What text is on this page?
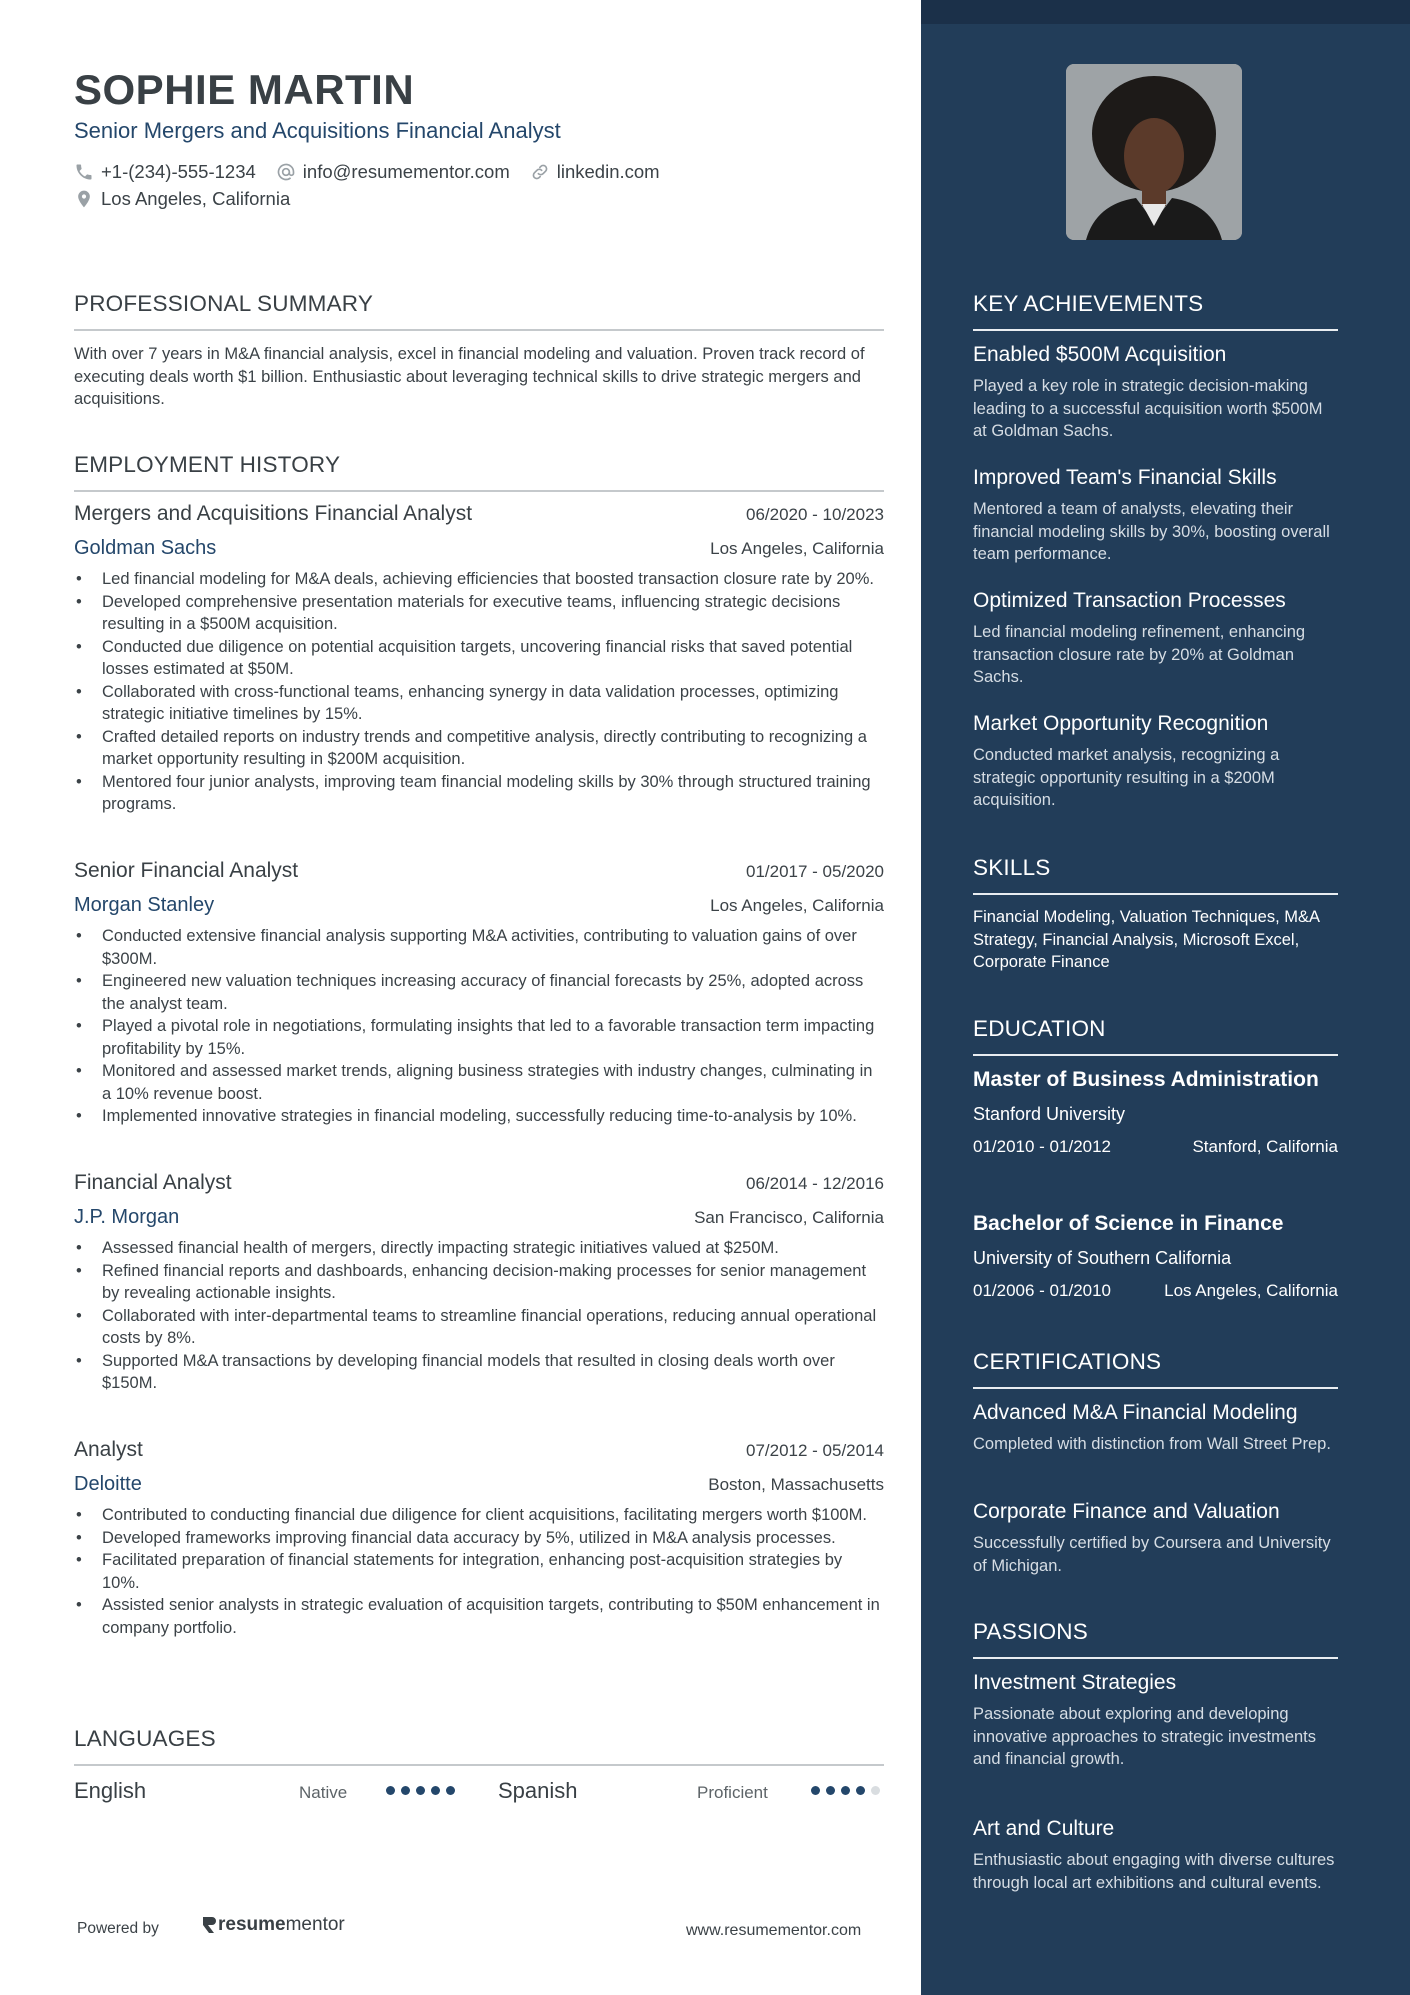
SOPHIE MARTIN
Senior Mergers and Acquisitions Financial Analyst
+1-(234)-555-1234	info@resumementor.com	linkedin.com
Los Angeles, California
PROFESSIONAL SUMMARY
With over 7 years in M&A financial analysis, excel in financial modeling and valuation. Proven track record of executing deals worth $1 billion. Enthusiastic about leveraging technical skills to drive strategic mergers and acquisitions.
EMPLOYMENT HISTORY
Mergers and Acquisitions Financial Analyst	06/2020 - 10/2023
Goldman Sachs	Los Angeles, California
• Led financial modeling for M&A deals, achieving efficiencies that boosted transaction closure rate by 20%.
• Developed comprehensive presentation materials for executive teams, influencing strategic decisions resulting in a $500M acquisition.
• Conducted due diligence on potential acquisition targets, uncovering financial risks that saved potential losses estimated at $50M.
• Collaborated with cross-functional teams, enhancing synergy in data validation processes, optimizing strategic initiative timelines by 15%.
• Crafted detailed reports on industry trends and competitive analysis, directly contributing to recognizing a market opportunity resulting in $200M acquisition.
• Mentored four junior analysts, improving team financial modeling skills by 30% through structured training programs.
Senior Financial Analyst	01/2017 - 05/2020
Morgan Stanley	Los Angeles, California
• Conducted extensive financial analysis supporting M&A activities, contributing to valuation gains of over $300M.
• Engineered new valuation techniques increasing accuracy of financial forecasts by 25%, adopted across the analyst team.
• Played a pivotal role in negotiations, formulating insights that led to a favorable transaction term impacting profitability by 15%.
• Monitored and assessed market trends, aligning business strategies with industry changes, culminating in a 10% revenue boost.
• Implemented innovative strategies in financial modeling, successfully reducing time-to-analysis by 10%.
Financial Analyst	06/2014 - 12/2016
J.P. Morgan	San Francisco, California
• Assessed financial health of mergers, directly impacting strategic initiatives valued at $250M.
• Refined financial reports and dashboards, enhancing decision-making processes for senior management by revealing actionable insights.
• Collaborated with inter-departmental teams to streamline financial operations, reducing annual operational costs by 8%.
• Supported M&A transactions by developing financial models that resulted in closing deals worth over $150M.
Analyst	07/2012 - 05/2014
Deloitte	Boston, Massachusetts
• Contributed to conducting financial due diligence for client acquisitions, facilitating mergers worth $100M.
• Developed frameworks improving financial data accuracy by 5%, utilized in M&A analysis processes.
• Facilitated preparation of financial statements for integration, enhancing post-acquisition strategies by 10%.
• Assisted senior analysts in strategic evaluation of acquisition targets, contributing to $50M enhancement in company portfolio.
LANGUAGES
English	Native	Spanish	Proficient
Powered by	resume mentor	www.resumementor.com
KEY ACHIEVEMENTS
Enabled $500M Acquisition
Played a key role in strategic decision-making leading to a successful acquisition worth $500M at Goldman Sachs.
Improved Team's Financial Skills
Mentored a team of analysts, elevating their financial modeling skills by 30%, boosting overall team performance.
Optimized Transaction Processes
Led financial modeling refinement, enhancing transaction closure rate by 20% at Goldman Sachs.
Market Opportunity Recognition
Conducted market analysis, recognizing a strategic opportunity resulting in a $200M acquisition.
SKILLS
Financial Modeling, Valuation Techniques, M&A Strategy, Financial Analysis, Microsoft Excel, Corporate Finance
EDUCATION
Master of Business Administration
Stanford University
01/2010 - 01/2012	Stanford, California
Bachelor of Science in Finance
University of Southern California
01/2006 - 01/2010	Los Angeles, California
CERTIFICATIONS
Advanced M&A Financial Modeling
Completed with distinction from Wall Street Prep.
Corporate Finance and Valuation
Successfully certified by Coursera and University of Michigan.
PASSIONS
Investment Strategies
Passionate about exploring and developing innovative approaches to strategic investments and financial growth.
Art and Culture
Enthusiastic about engaging with diverse cultures through local art exhibitions and cultural events.
